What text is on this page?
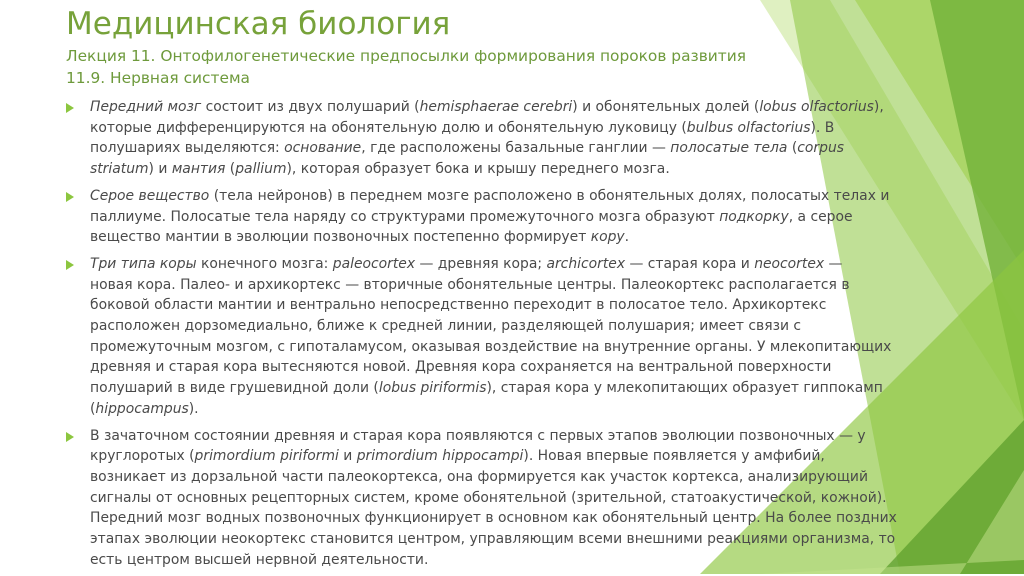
Медицинская биология
Лекция 11. Онтофилогенетические предпосылки формирования пороков развития
11.9. Нервная система
Передний мозг состоит из двух полушарий (hemisphaerae cerebri) и обонятельных долей (lobus olfactorius),
которые дифференцируются на обонятельную долю и обонятельную луковицу (bulbus olfactorius). В
полушариях выделяются: основание, где расположены базальные ганглии — полосатые тела (corpus
striatum) и мантия (pallium), которая образует бока и крышу переднего мозга.
Серое вещество (тела нейронов) в переднем мозге расположено в обонятельных долях, полосатых телах и
паллиуме. Полосатые тела наряду со структурами промежуточного мозга образуют подкорку, а серое
вещество мантии в эволюции позвоночных постепенно формирует кору.
Три типа коры конечного мозга: paleocortex — древняя кора; archicortex — старая кора и neocortex —
новая кора. Палео- и архикортекс — вторичные обонятельные центры. Палеокортекс располагается в
боковой области мантии и вентрально непосредственно переходит в полосатое тело. Архикортекс
расположен дорзомедиально, ближе к средней линии, разделяющей полушария; имеет связи с
промежуточным мозгом, с гипоталамусом, оказывая воздействие на внутренние органы. У млекопитающих
древняя и старая кора вытесняются новой. Древняя кора сохраняется на вентральной поверхности
полушарий в виде грушевидной доли (lobus piriformis), старая кора у млекопитающих образует гиппокамп
(hippocampus).
В зачаточном состоянии древняя и старая кора появляются с первых этапов эволюции позвоночных — у
круглоротых (primordium piriformi и primordium hippocampi). Новая впервые появляется у амфибий,
возникает из дорзальной части палеокортекса, она формируется как участок кортекса, анализирующий
сигналы от основных рецепторных систем, кроме обонятельной (зрительной, статоакустической, кожной).
Передний мозг водных позвоночных функционирует в основном как обонятельный центр. На более поздних
этапах эволюции неокортекс становится центром, управляющим всеми внешними реакциями организма, то
есть центром высшей нервной деятельности.
